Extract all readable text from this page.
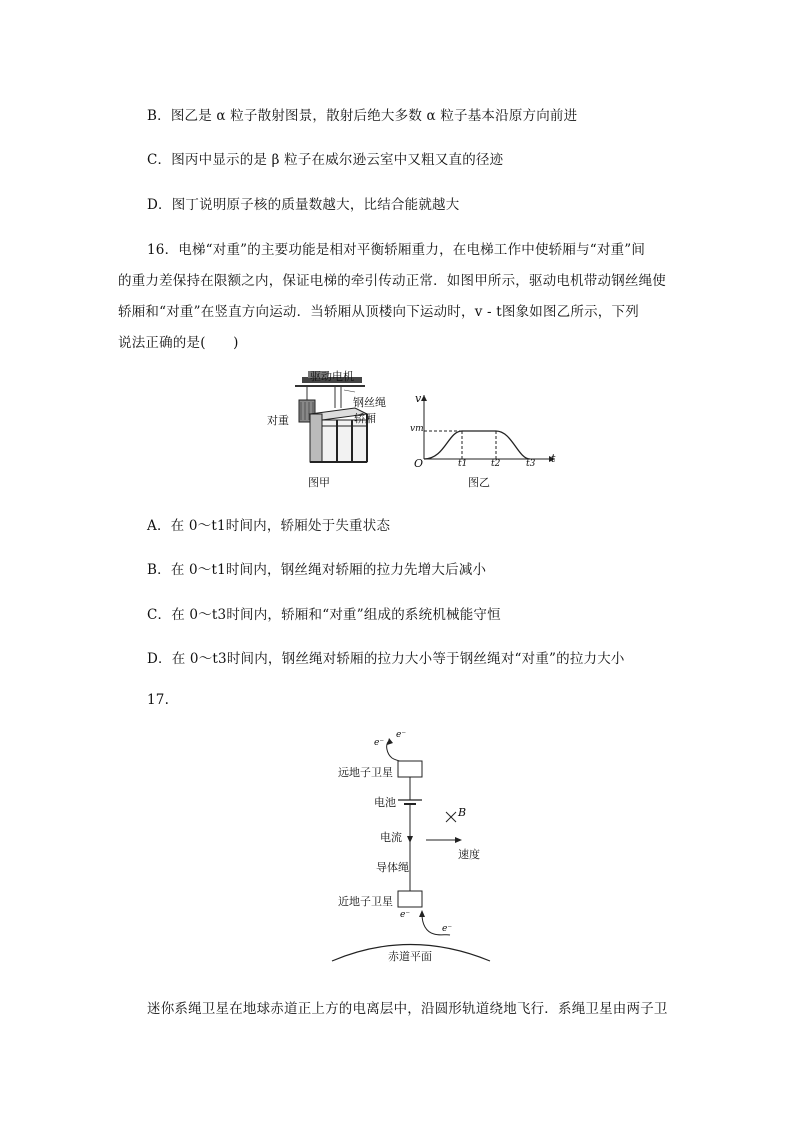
B．图乙是 α 粒子散射图景，散射后绝大多数 α 粒子基本沿原方向前进
C．图丙中显示的是 β 粒子在威尔逊云室中又粗又直的径迹
D．图丁说明原子核的质量数越大，比结合能就越大
16．电梯“对重”的主要功能是相对平衡轿厢重力，在电梯工作中使轿厢与“对重”间
的重力差保持在限额之内，保证电梯的牵引传动正常．如图甲所示，驱动电机带动钢丝绳使
轿厢和“对重”在竖直方向运动．当轿厢从顶楼向下运动时，v - t图象如图乙所示，下列
说法正确的是(　　)
驱动电机
钢丝绳
对重	轿厢
图甲
v
vm
O	t1	t2	t3 t
图乙
A．在 0～t1时间内，轿厢处于失重状态
B．在 0～t1时间内，钢丝绳对轿厢的拉力先增大后减小
C．在 0～t3时间内，轿厢和“对重”组成的系统机械能守恒
D．在 0～t3时间内，钢丝绳对轿厢的拉力大小等于钢丝绳对“对重”的拉力大小
17.
e⁻
e⁻
远地子卫星
电池
B
电流
速度
导体绳
近地子卫星
e⁻
e⁻
赤道平面
迷你系绳卫星在地球赤道正上方的电离层中，沿圆形轨道绕地飞行．系绳卫星由两子卫
